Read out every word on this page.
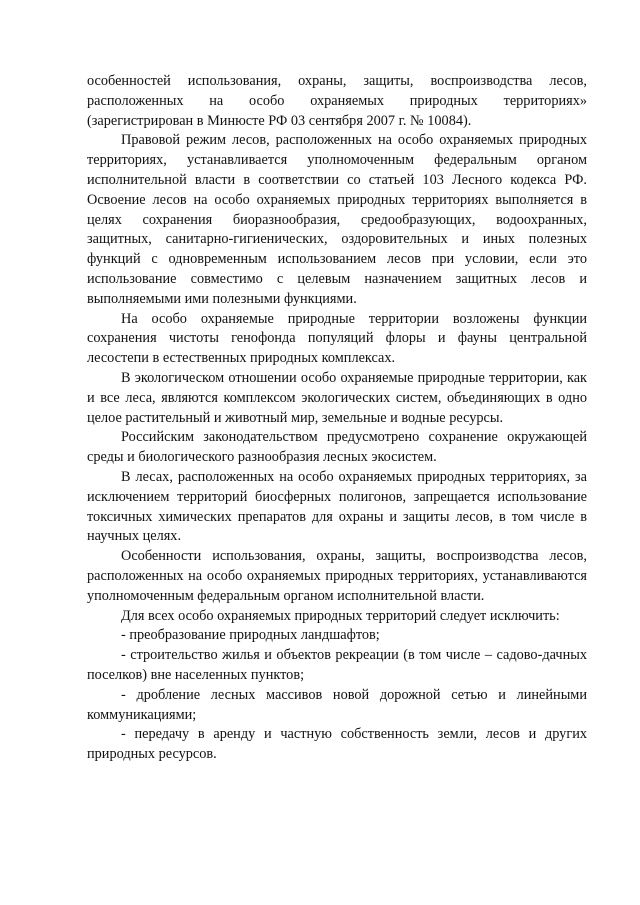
особенностей использования, охраны, защиты, воспроизводства лесов, расположенных на особо охраняемых природных территориях»

(зарегистрирован в Минюсте РФ 03 сентября 2007 г. № 10084).

Правовой режим лесов, расположенных на особо охраняемых природных территориях, устанавливается уполномоченным федеральным органом исполнительной власти в соответствии со статьей 103 Лесного кодекса РФ. Освоение лесов на особо охраняемых природных территориях выполняется в целях сохранения биоразнообразия, средообразующих, водоохранных, защитных, санитарно-гигиенических, оздоровительных и иных полезных функций с одновременным использованием лесов при условии, если это использование совместимо с целевым назначением защитных лесов и выполняемыми ими полезными функциями.

На особо охраняемые природные территории возложены функции сохранения чистоты генофонда популяций флоры и фауны центральной лесостепи в естественных природных комплексах.

В экологическом отношении особо охраняемые природные территории, как и все леса, являются комплексом экологических систем, объединяющих в одно целое растительный и животный мир, земельные и водные ресурсы.

Российским законодательством предусмотрено сохранение окружающей среды и биологического разнообразия лесных экосистем.

В лесах, расположенных на особо охраняемых природных территориях, за исключением территорий биосферных полигонов, запрещается использование токсичных химических препаратов для охраны и защиты лесов, в том числе в научных целях.

Особенности использования, охраны, защиты, воспроизводства лесов, расположенных на особо охраняемых природных территориях, устанавливаются уполномоченным федеральным органом исполнительной власти.

Для всех особо охраняемых природных территорий следует исключить:

- преобразование природных ландшафтов;

- строительство жилья и объектов рекреации (в том числе – садово-дачных поселков) вне населенных пунктов;

- дробление лесных массивов новой дорожной сетью и линейными коммуникациями;

- передачу в аренду и частную собственность земли, лесов и других природных ресурсов.
